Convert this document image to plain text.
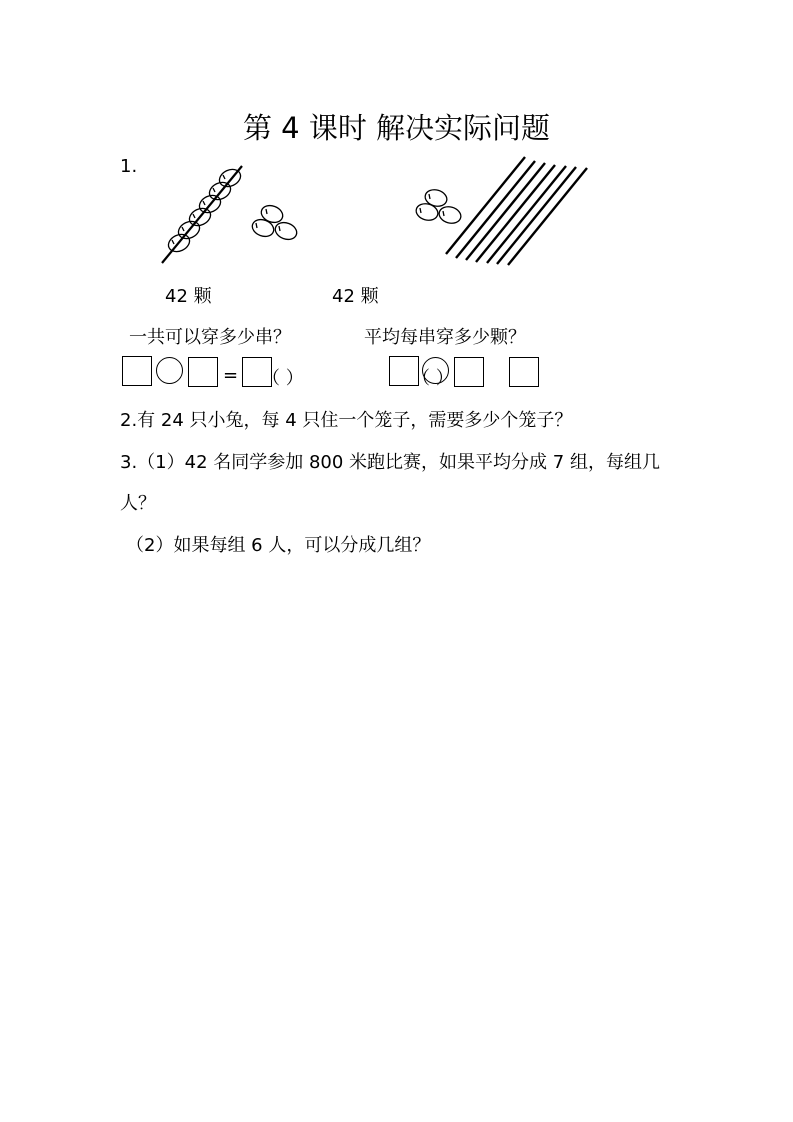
第 4 课时 解决实际问题
1.
42 颗	42 颗
一共可以穿多少串？	平均每串穿多少颗？
= （ ）	（ ）
2.有 24 只小兔，每 4 只住一个笼子，需要多少个笼子？
3.（1）42 名同学参加 800 米跑比赛，如果平均分成 7 组，每组几
人？
（2）如果每组 6 人，可以分成几组？
